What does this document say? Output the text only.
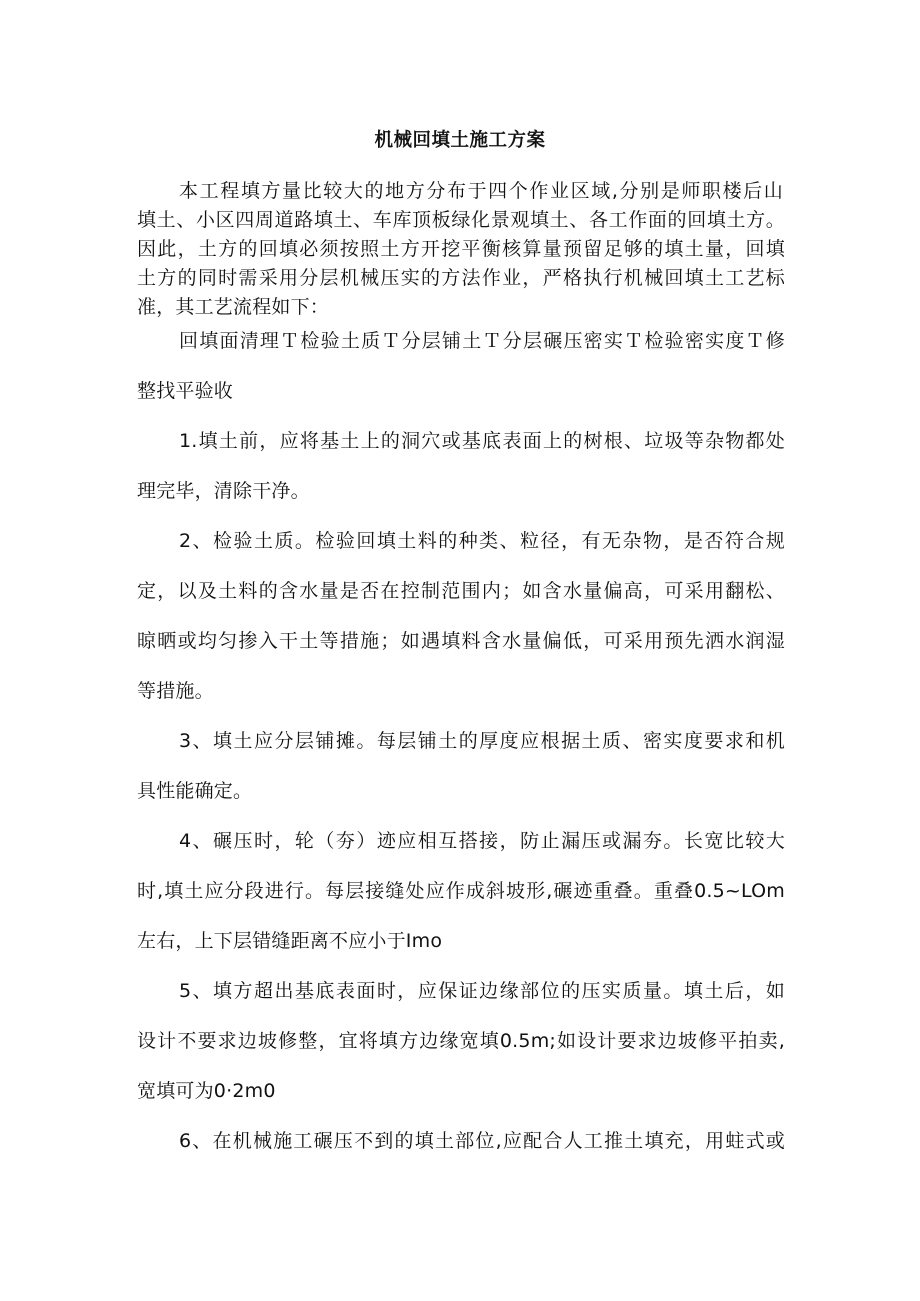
机械回填土施工方案
本工程填方量比较大的地方分布于四个作业区域,分别是师职楼后山
填土、小区四周道路填土、车库顶板绿化景观填土、各工作面的回填土方。
因此，土方的回填必须按照土方开挖平衡核算量预留足够的填土量，回填
土方的同时需采用分层机械压实的方法作业，严格执行机械回填土工艺标
准，其工艺流程如下：
回填面清理Ｔ检验土质Ｔ分层铺土Ｔ分层碾压密实Ｔ检验密实度Ｔ修
整找平验收
1.填土前，应将基土上的洞穴或基底表面上的树根、垃圾等杂物都处
理完毕，清除干净。
2、检验土质。检验回填土料的种类、粒径，有无杂物，是否符合规
定，以及土料的含水量是否在控制范围内；如含水量偏高，可采用翻松、
晾晒或均匀掺入干土等措施；如遇填料含水量偏低，可采用预先洒水润湿
等措施。
3、填土应分层铺摊。每层铺土的厚度应根据土质、密实度要求和机
具性能确定。
4、碾压时，轮（夯）迹应相互搭接，防止漏压或漏夯。长宽比较大
时,填土应分段进行。每层接缝处应作成斜坡形,碾迹重叠。重叠0.5~LOm
左右，上下层错缝距离不应小于Imo
5、填方超出基底表面时，应保证边缘部位的压实质量。填土后，如
设计不要求边坡修整，宜将填方边缘宽填0.5m;如设计要求边坡修平拍卖,
宽填可为0·2m0
6、在机械施工碾压不到的填土部位,应配合人工推土填充，用蛀式或
